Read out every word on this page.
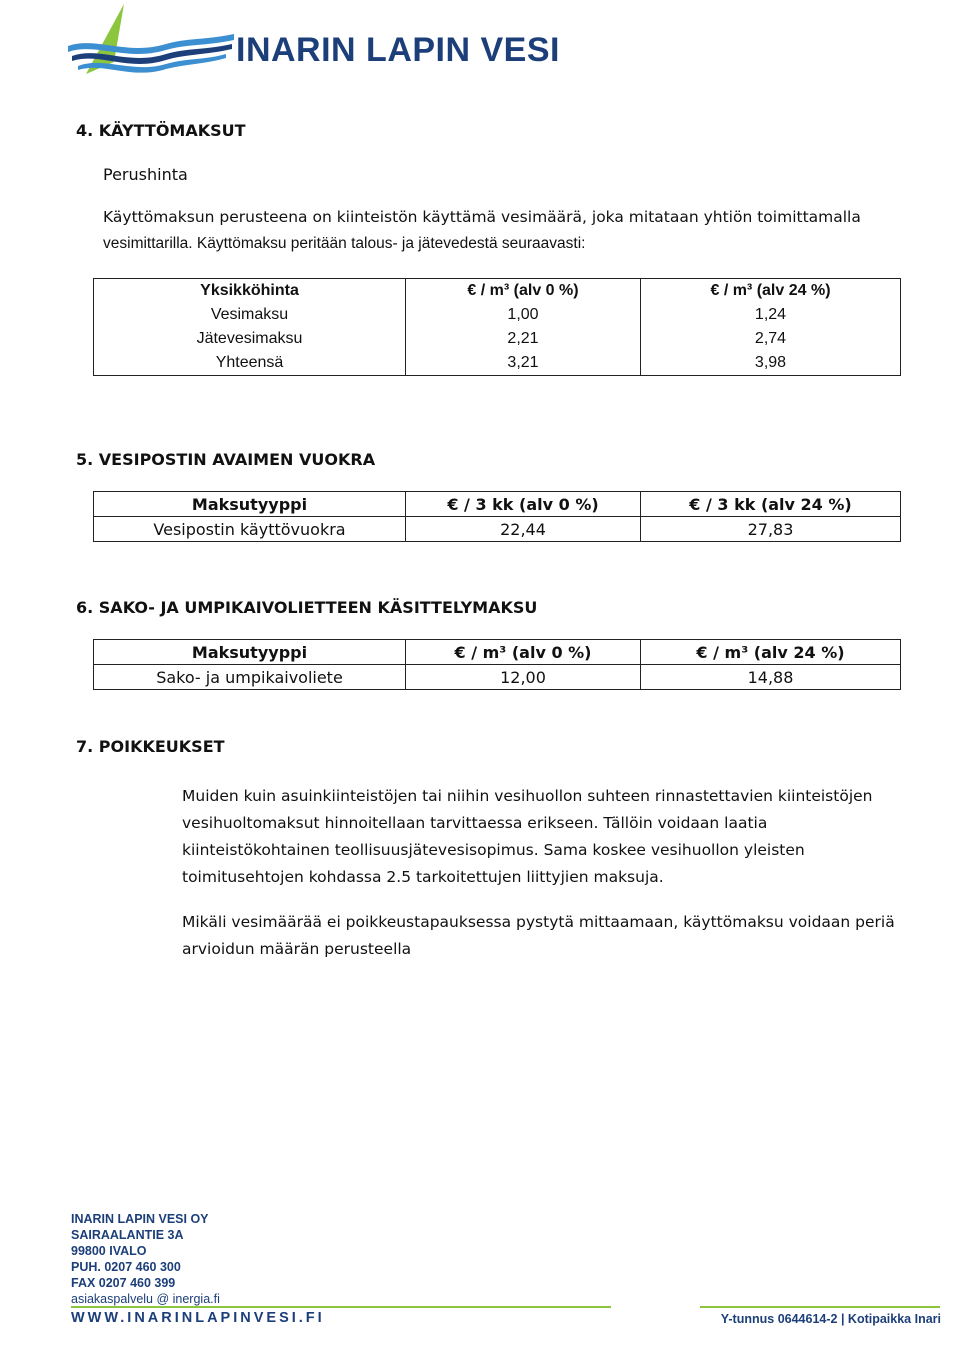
INARIN LAPIN VESI
4. KÄYTTÖMAKSUT
Perushinta
Käyttömaksun perusteena on kiinteistön käyttämä vesimäärä, joka mitataan yhtiön toimittamalla
vesimittarilla. Käyttömaksu peritään talous- ja jätevedestä seuraavasti:
Yksikköhinta	€ / m³ (alv 0 %)	€ / m³ (alv 24 %)
Vesimaksu	1,00	1,24
Jätevesimaksu	2,21	2,74
Yhteensä	3,21	3,98
5. VESIPOSTIN AVAIMEN VUOKRA
Maksutyyppi	€ / 3 kk (alv 0 %)	€ / 3 kk (alv 24 %)
Vesipostin käyttövuokra	22,44	27,83
6. SAKO- JA UMPIKAIVOLIETTEEN KÄSITTELYMAKSU
Maksutyyppi	€ / m³ (alv 0 %)	€ / m³ (alv 24 %)
Sako- ja umpikaivoliete	12,00	14,88
7. POIKKEUKSET
Muiden kuin asuinkiinteistöjen tai niihin vesihuollon suhteen rinnastettavien kiinteistöjen vesihuoltomaksut hinnoitellaan tarvittaessa erikseen. Tällöin voidaan laatia kiinteistökohtainen teollisuusjätevesisopimus. Sama koskee vesihuollon yleisten toimitusehtojen kohdassa 2.5 tarkoitettujen liittyjien maksuja.
Mikäli vesimäärää ei poikkeustapauksessa pystytä mittaamaan, käyttömaksu voidaan periä arvioidun määrän perusteella
INARIN LAPIN VESI OY
SAIRAALANTIE 3A
99800 IVALO
PUH. 0207 460 300
FAX 0207 460 399
asiakaspalvelu @ inergia.fi
WWW.INARINLAPINVESI.FI	Y-tunnus 0644614-2 | Kotipaikka Inari
